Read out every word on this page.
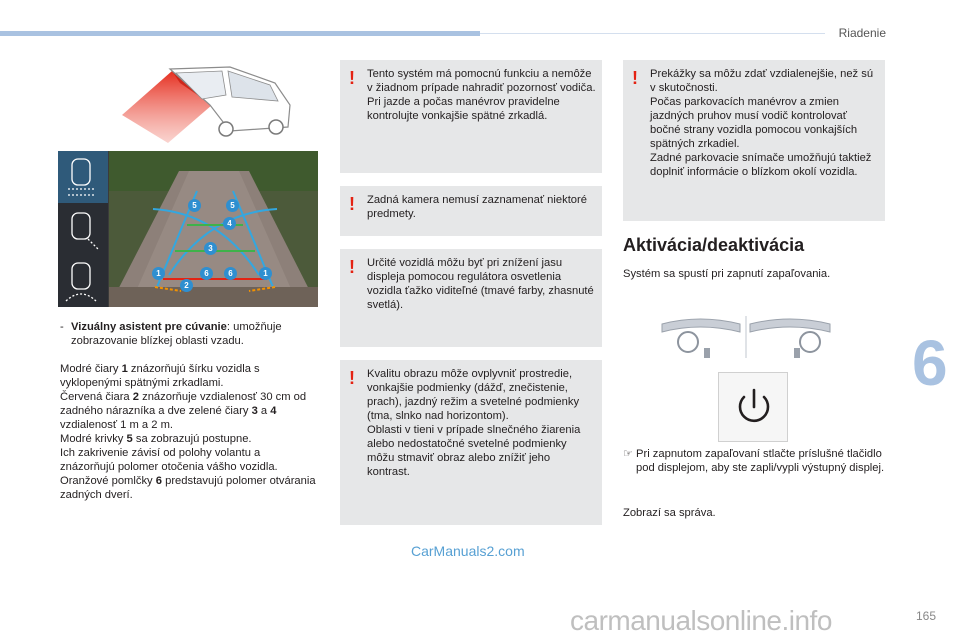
Riadenie
6
5	5
4
3
1	6	6	1
2
- Vizuálny asistent pre cúvanie: umožňuje zobrazovanie blízkej oblasti vzadu.
Modré čiary 1 znázorňujú šírku vozidla s vyklopenými spätnými zrkadlami.
Červená čiara 2 znázorňuje vzdialenosť 30 cm od zadného nárazníka a dve zelené čiary 3 a 4 vzdialenosť 1 m a 2 m.
Modré krivky 5 sa zobrazujú postupne.
Ich zakrivenie závisí od polohy volantu a znázorňujú polomer otočenia vášho vozidla.
Oranžové pomlčky 6 predstavujú polomer otvárania zadných dverí.
! Tento systém má pomocnú funkciu a nemôže v žiadnom prípade nahradiť pozornosť vodiča.
Pri jazde a počas manévrov pravidelne kontrolujte vonkajšie spätné zrkadlá.
! Zadná kamera nemusí zaznamenať niektoré predmety.
! Určité vozidlá môžu byť pri znížení jasu displeja pomocou regulátora osvetlenia vozidla ťažko viditeľné (tmavé farby, zhasnuté svetlá).
! Kvalitu obrazu môže ovplyvniť prostredie, vonkajšie podmienky (dážď, znečistenie, prach), jazdný režim a svetelné podmienky (tma, slnko nad horizontom).
Oblasti v tieni v prípade slnečného žiarenia alebo nedostatočné svetelné podmienky môžu stmaviť obraz alebo znížiť jeho kontrast.
! Prekážky sa môžu zdať vzdialenejšie, než sú v skutočnosti.
Počas parkovacích manévrov a zmien jazdných pruhov musí vodič kontrolovať bočné strany vozidla pomocou vonkajších spätných zrkadiel.
Zadné parkovacie snímače umožňujú taktiež doplniť informácie o blízkom okolí vozidla.
Aktivácia/deaktivácia
Systém sa spustí pri zapnutí zapaľovania.
☞ Pri zapnutom zapaľovaní stlačte príslušné tlačidlo pod displejom, aby ste zapli/vypli výstupný displej.
Zobrazí sa správa.
CarManuals2.com
carmanualsonline.info	165
